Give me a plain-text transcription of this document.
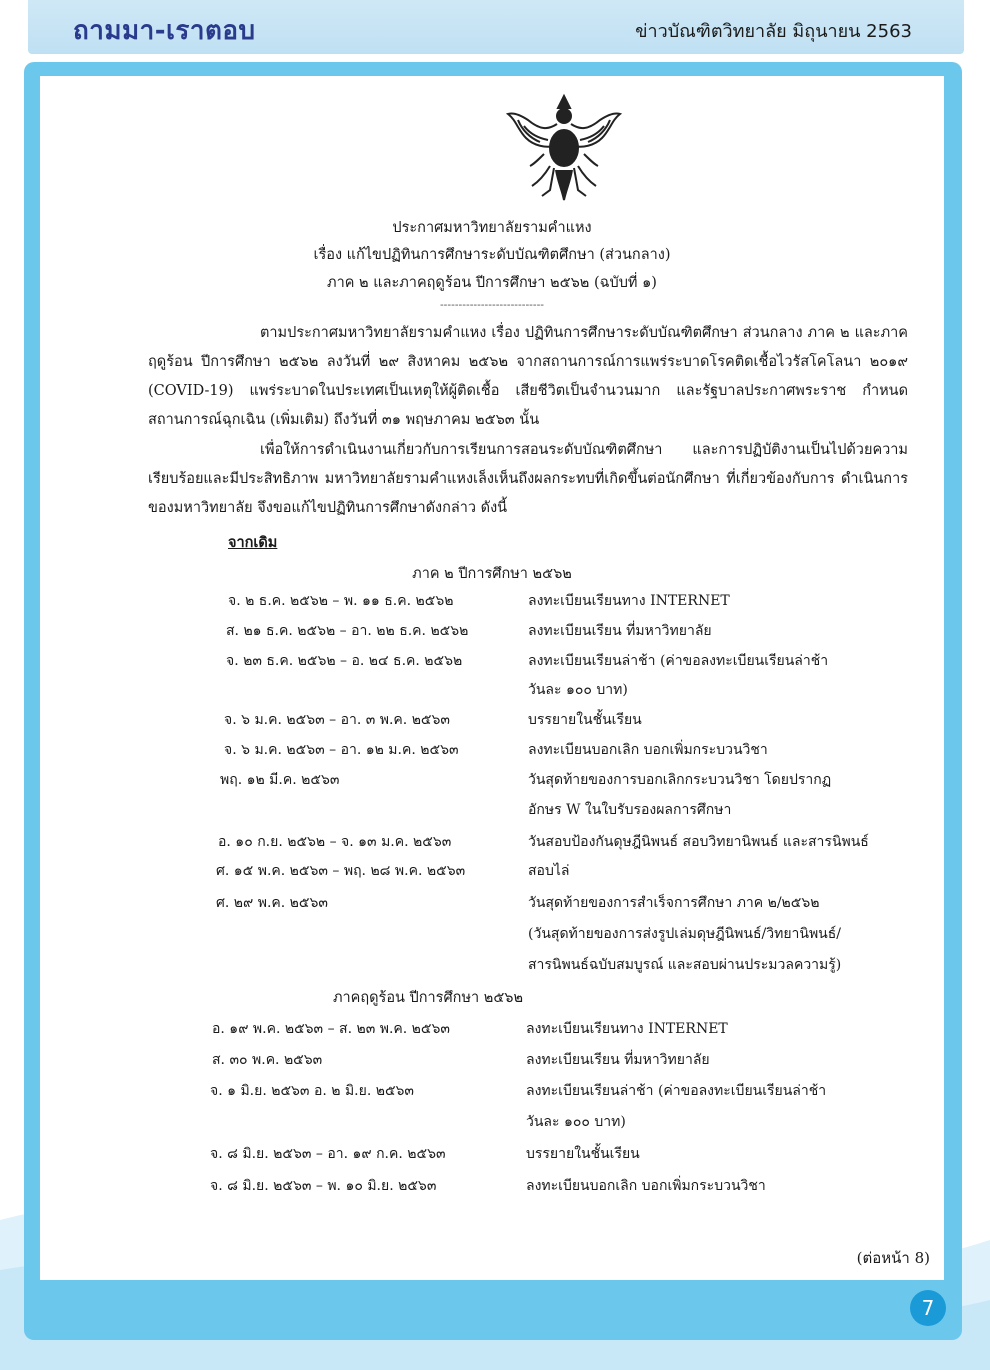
ถามมา-เราตอบ	ข่าวบัณฑิตวิทยาลัย มิถุนายน 2563
ประกาศมหาวิทยาลัยรามคำแหง
เรื่อง แก้ไขปฏิทินการศึกษาระดับบัณฑิตศึกษา (ส่วนกลาง)
ภาค ๒ และภาคฤดูร้อน ปีการศึกษา ๒๕๖๒ (ฉบับที่ ๑)
----------------------------
ตามประกาศมหาวิทยาลัยรามคำแหง เรื่อง ปฏิทินการศึกษาระดับบัณฑิตศึกษา ส่วนกลาง ภาค ๒ และภาคฤดูร้อน ปีการศึกษา ๒๕๖๒ ลงวันที่ ๒๙ สิงหาคม ๒๕๖๒ จากสถานการณ์การแพร่ระบาดโรคติดเชื้อไวรัสโคโลนา ๒๐๑๙ (COVID-19) แพร่ระบาดในประเทศเป็นเหตุให้ผู้ติดเชื้อ เสียชีวิตเป็นจำนวนมาก และรัฐบาลประกาศพระราช กำหนดสถานการณ์ฉุกเฉิน (เพิ่มเติม) ถึงวันที่ ๓๑ พฤษภาคม ๒๕๖๓ นั้น
เพื่อให้การดำเนินงานเกี่ยวกับการเรียนการสอนระดับบัณฑิตศึกษา และการปฏิบัติงานเป็นไปด้วยความ เรียบร้อยและมีประสิทธิภาพ มหาวิทยาลัยรามคำแหงเล็งเห็นถึงผลกระทบที่เกิดขึ้นต่อนักศึกษา ที่เกี่ยวข้องกับการ ดำเนินการของมหาวิทยาลัย จึงขอแก้ไขปฏิทินการศึกษาดังกล่าว ดังนี้
จากเดิม
ภาค ๒ ปีการศึกษา ๒๕๖๒
จ. ๒ ธ.ค. ๒๕๖๒ – พ. ๑๑ ธ.ค. ๒๕๖๒	ลงทะเบียนเรียนทาง INTERNET
ส. ๒๑ ธ.ค. ๒๕๖๒ – อา. ๒๒ ธ.ค. ๒๕๖๒	ลงทะเบียนเรียน ที่มหาวิทยาลัย
จ. ๒๓ ธ.ค. ๒๕๖๒ – อ. ๒๔ ธ.ค. ๒๕๖๒	ลงทะเบียนเรียนล่าช้า (ค่าขอลงทะเบียนเรียนล่าช้า
วันละ ๑๐๐ บาท)
จ. ๖ ม.ค. ๒๕๖๓ – อา. ๓ พ.ค. ๒๕๖๓	บรรยายในชั้นเรียน
จ. ๖ ม.ค. ๒๕๖๓ – อา. ๑๒ ม.ค. ๒๕๖๓	ลงทะเบียนบอกเลิก บอกเพิ่มกระบวนวิชา
พฤ. ๑๒ มี.ค. ๒๕๖๓	วันสุดท้ายของการบอกเลิกกระบวนวิชา โดยปรากฏ
อักษร W ในใบรับรองผลการศึกษา
อ. ๑๐ ก.ย. ๒๕๖๒ – จ. ๑๓ ม.ค. ๒๕๖๓	วันสอบป้องกันดุษฎีนิพนธ์ สอบวิทยานิพนธ์ และสารนิพนธ์
ศ. ๑๕ พ.ค. ๒๕๖๓ – พฤ. ๒๘ พ.ค. ๒๕๖๓	สอบไล่
ศ. ๒๙ พ.ค. ๒๕๖๓	วันสุดท้ายของการสำเร็จการศึกษา ภาค ๒/๒๕๖๒
(วันสุดท้ายของการส่งรูปเล่มดุษฎีนิพนธ์/วิทยานิพนธ์/
สารนิพนธ์ฉบับสมบูรณ์ และสอบผ่านประมวลความรู้)
ภาคฤดูร้อน ปีการศึกษา ๒๕๖๒
อ. ๑๙ พ.ค. ๒๕๖๓ – ส. ๒๓ พ.ค. ๒๕๖๓	ลงทะเบียนเรียนทาง INTERNET
ส. ๓๐ พ.ค. ๒๕๖๓	ลงทะเบียนเรียน ที่มหาวิทยาลัย
จ. ๑ มิ.ย. ๒๕๖๓ อ. ๒ มิ.ย. ๒๕๖๓	ลงทะเบียนเรียนล่าช้า (ค่าขอลงทะเบียนเรียนล่าช้า
วันละ ๑๐๐ บาท)
จ. ๘ มิ.ย. ๒๕๖๓ – อา. ๑๙ ก.ค. ๒๕๖๓	บรรยายในชั้นเรียน
จ. ๘ มิ.ย. ๒๕๖๓ – พ. ๑๐ มิ.ย. ๒๕๖๓	ลงทะเบียนบอกเลิก บอกเพิ่มกระบวนวิชา
(ต่อหน้า 8)
7
